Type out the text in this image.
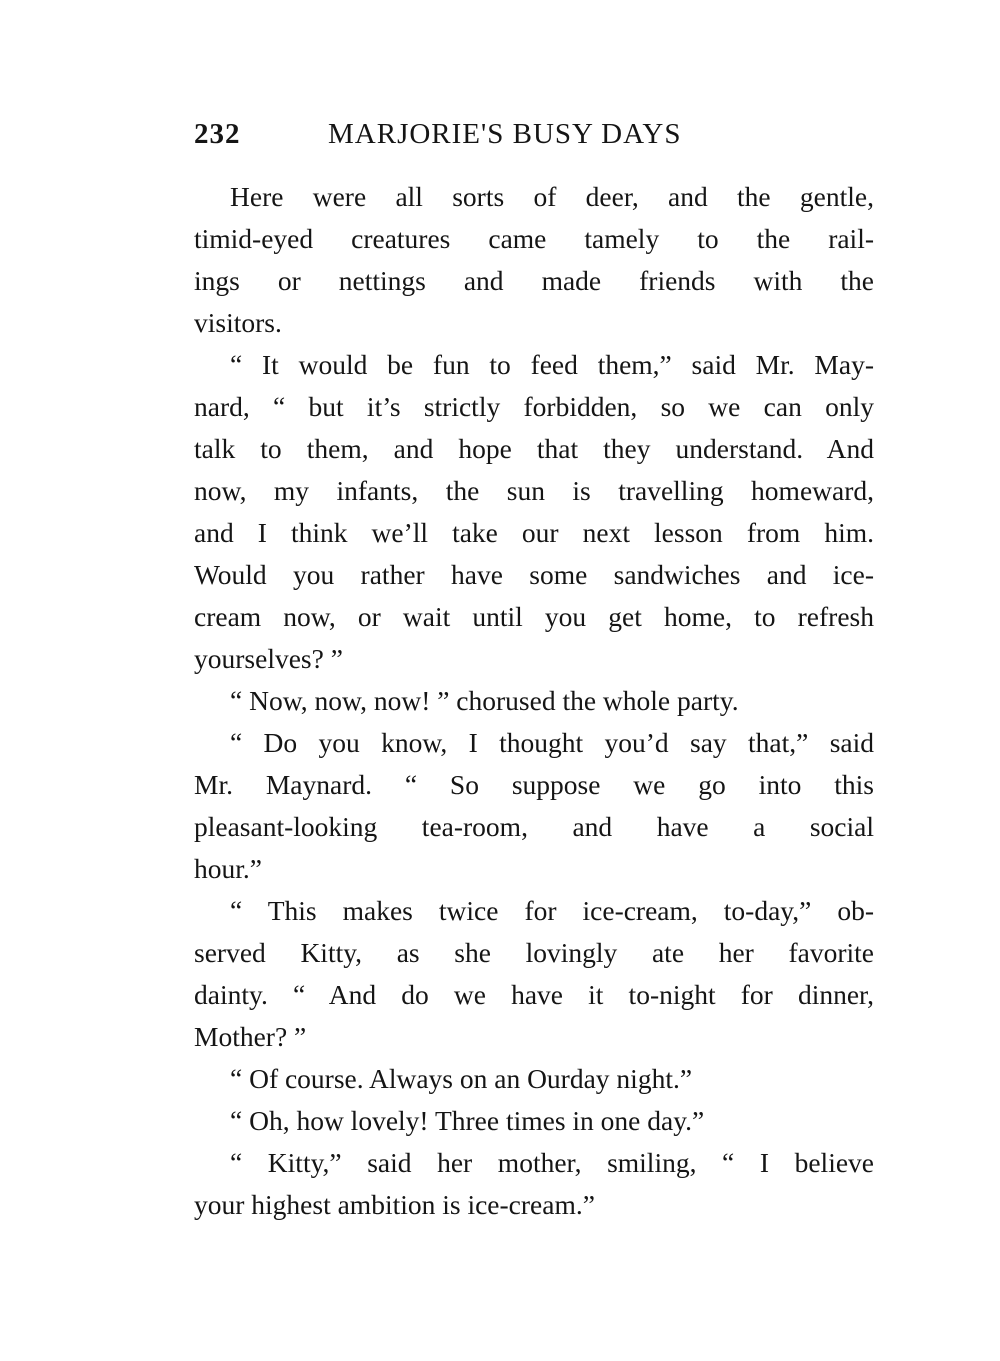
232	MARJORIE'S BUSY DAYS
Here were all sorts of deer, and the gentle,
timid-eyed creatures came tamely to the rail-
ings or nettings and made friends with the
visitors.
“ It would be fun to feed them,” said Mr. May-
nard, “ but it’s strictly forbidden, so we can only
talk to them, and hope that they understand. And
now, my infants, the sun is travelling homeward,
and I think we’ll take our next lesson from him.
Would you rather have some sandwiches and ice-
cream now, or wait until you get home, to refresh
yourselves? ”
“ Now, now, now! ” chorused the whole party.
“ Do you know, I thought you’d say that,” said
Mr. Maynard. “ So suppose we go into this
pleasant-looking tea-room, and have a social
hour.”
“ This makes twice for ice-cream, to-day,” ob-
served Kitty, as she lovingly ate her favorite
dainty. “ And do we have it to-night for dinner,
Mother? ”
“ Of course. Always on an Ourday night.”
“ Oh, how lovely! Three times in one day.”
“ Kitty,” said her mother, smiling, “ I believe
your highest ambition is ice-cream.”
